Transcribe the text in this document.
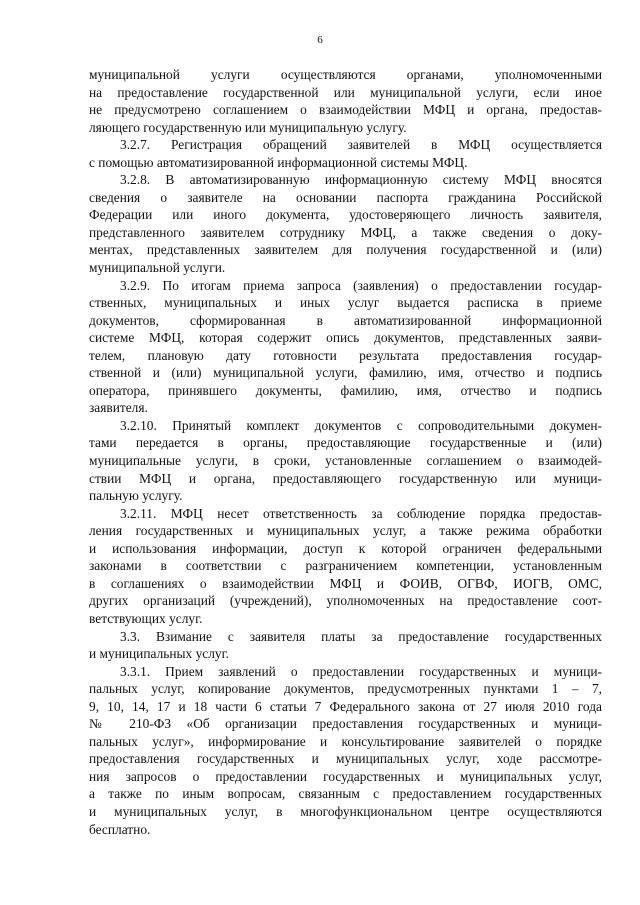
6
муниципальной услуги осуществляются органами, уполномоченными
на предоставление государственной или муниципальной услуги, если иное
не предусмотрено соглашением о взаимодействии МФЦ и органа, предостав-
ляющего государственную или муниципальную услугу.
3.2.7. Регистрация обращений заявителей в МФЦ осуществляется
с помощью автоматизированной информационной системы МФЦ.
3.2.8. В автоматизированную информационную систему МФЦ вносятся
сведения о заявителе на основании паспорта гражданина Российской
Федерации или иного документа, удостоверяющего личность заявителя,
представленного заявителем сотруднику МФЦ, а также сведения о доку-
ментах, представленных заявителем для получения государственной и (или)
муниципальной услуги.
3.2.9. По итогам приема запроса (заявления) о предоставлении государ-
ственных, муниципальных и иных услуг выдается расписка в приеме
документов, сформированная в автоматизированной информационной
системе МФЦ, которая содержит опись документов, представленных заяви-
телем, плановую дату готовности результата предоставления государ-
ственной и (или) муниципальной услуги, фамилию, имя, отчество и подпись
оператора, принявшего документы, фамилию, имя, отчество и подпись
заявителя.
3.2.10. Принятый комплект документов с сопроводительными докумен-
тами передается в органы, предоставляющие государственные и (или)
муниципальные услуги, в сроки, установленные соглашением о взаимодей-
ствии МФЦ и органа, предоставляющего государственную или муници-
пальную услугу.
3.2.11. МФЦ несет ответственность за соблюдение порядка предостав-
ления государственных и муниципальных услуг, а также режима обработки
и использования информации, доступ к которой ограничен федеральными
законами в соответствии с разграничением компетенции, установленным
в соглашениях о взаимодействии МФЦ и ФОИВ, ОГВФ, ИОГВ, ОМС,
других организаций (учреждений), уполномоченных на предоставление соот-
ветствующих услуг.
3.3. Взимание с заявителя платы за предоставление государственных
и муниципальных услуг.
3.3.1. Прием заявлений о предоставлении государственных и муници-
пальных услуг, копирование документов, предусмотренных пунктами 1 – 7,
9, 10, 14, 17 и 18 части 6 статьи 7 Федерального закона от 27 июля 2010 года
№ 210-ФЗ «Об организации предоставления государственных и муници-
пальных услуг», информирование и консультирование заявителей о порядке
предоставления государственных и муниципальных услуг, ходе рассмотре-
ния запросов о предоставлении государственных и муниципальных услуг,
а также по иным вопросам, связанным с предоставлением государственных
и муниципальных услуг, в многофункциональном центре осуществляются
бесплатно.
